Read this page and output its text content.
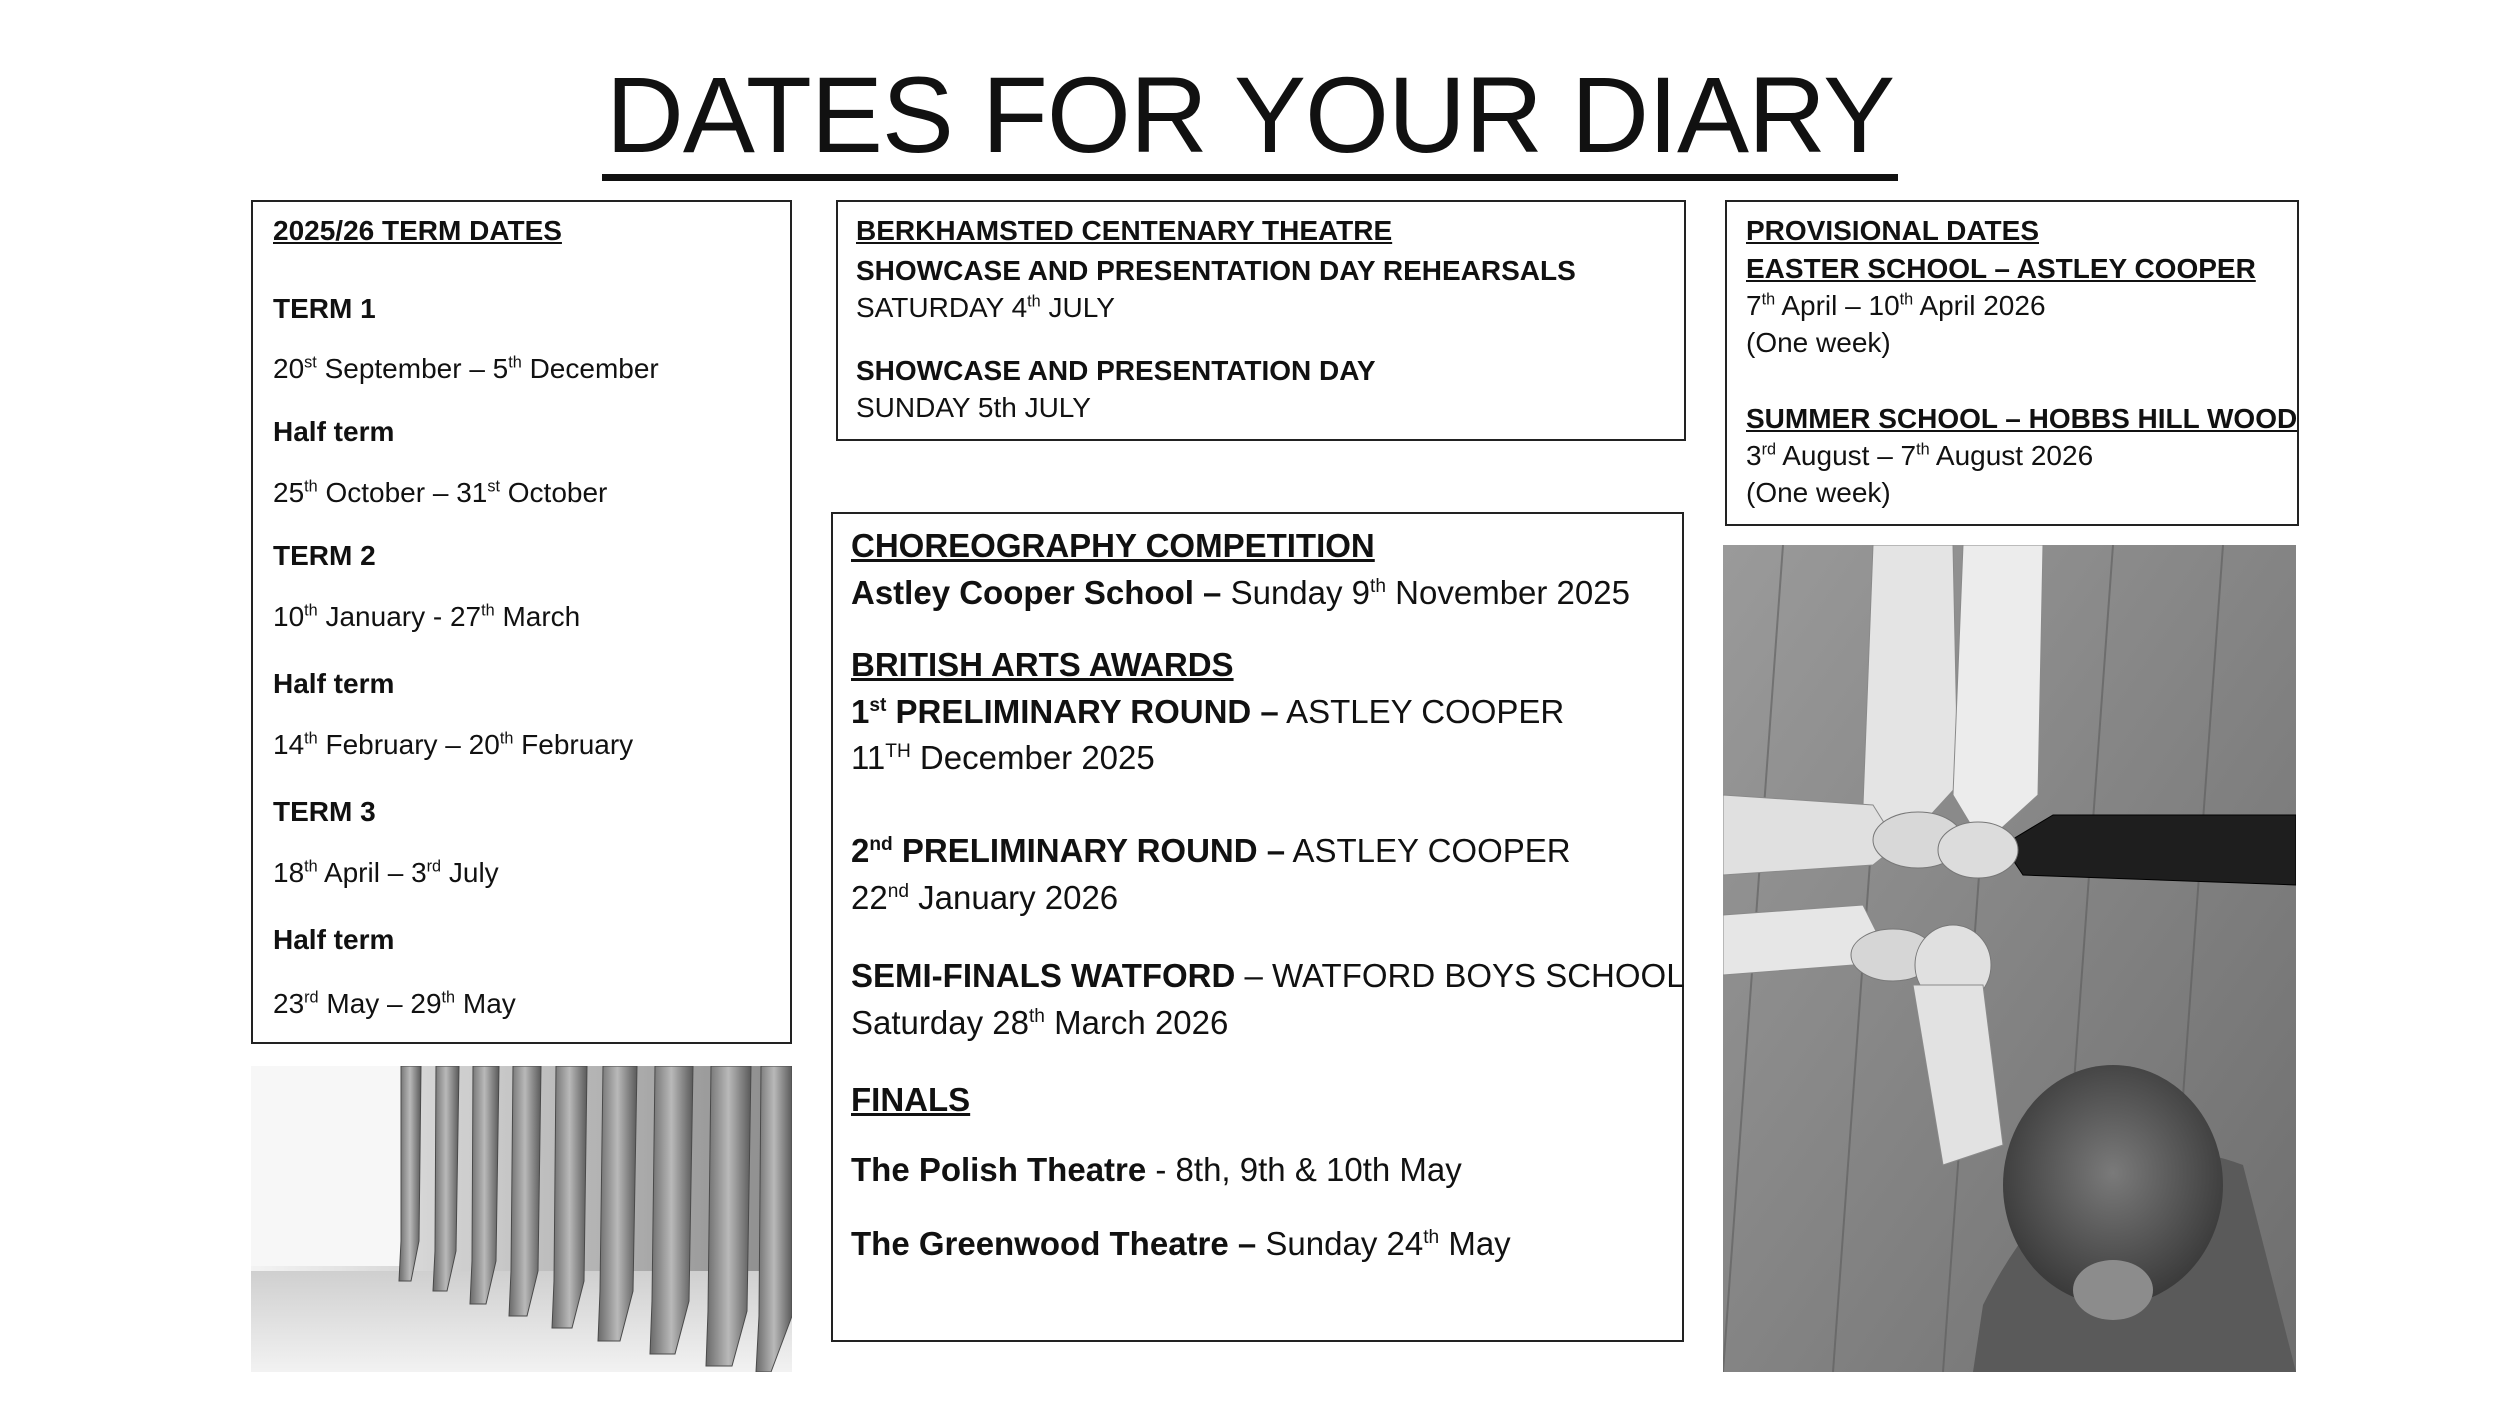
DATES FOR YOUR DIARY
2025/26 TERM DATES
TERM 1
20st September – 5th December
Half term
25th October – 31st October
TERM 2
10th January - 27th March
Half term
14th February – 20th February
TERM 3
18th April – 3rd July
Half term
23rd May – 29th May
BERKHAMSTED CENTENARY THEATRE
SHOWCASE AND PRESENTATION DAY REHEARSALS
SATURDAY 4th JULY
SHOWCASE AND PRESENTATION DAY
SUNDAY 5th JULY
PROVISIONAL DATES
EASTER SCHOOL – ASTLEY COOPER
7th April – 10th April 2026
(One week)
SUMMER SCHOOL – HOBBS HILL WOOD
3rd August – 7th August 2026
(One week)
CHOREOGRAPHY COMPETITION
Astley Cooper School – Sunday 9th November 2025
BRITISH ARTS AWARDS
1st PRELIMINARY ROUND – ASTLEY COOPER
11TH December 2025
2nd PRELIMINARY ROUND – ASTLEY COOPER
22nd January 2026
SEMI-FINALS WATFORD – WATFORD BOYS SCHOOL
Saturday 28th March 2026
FINALS
The Polish Theatre - 8th, 9th & 10th May
The Greenwood Theatre – Sunday 24th May
